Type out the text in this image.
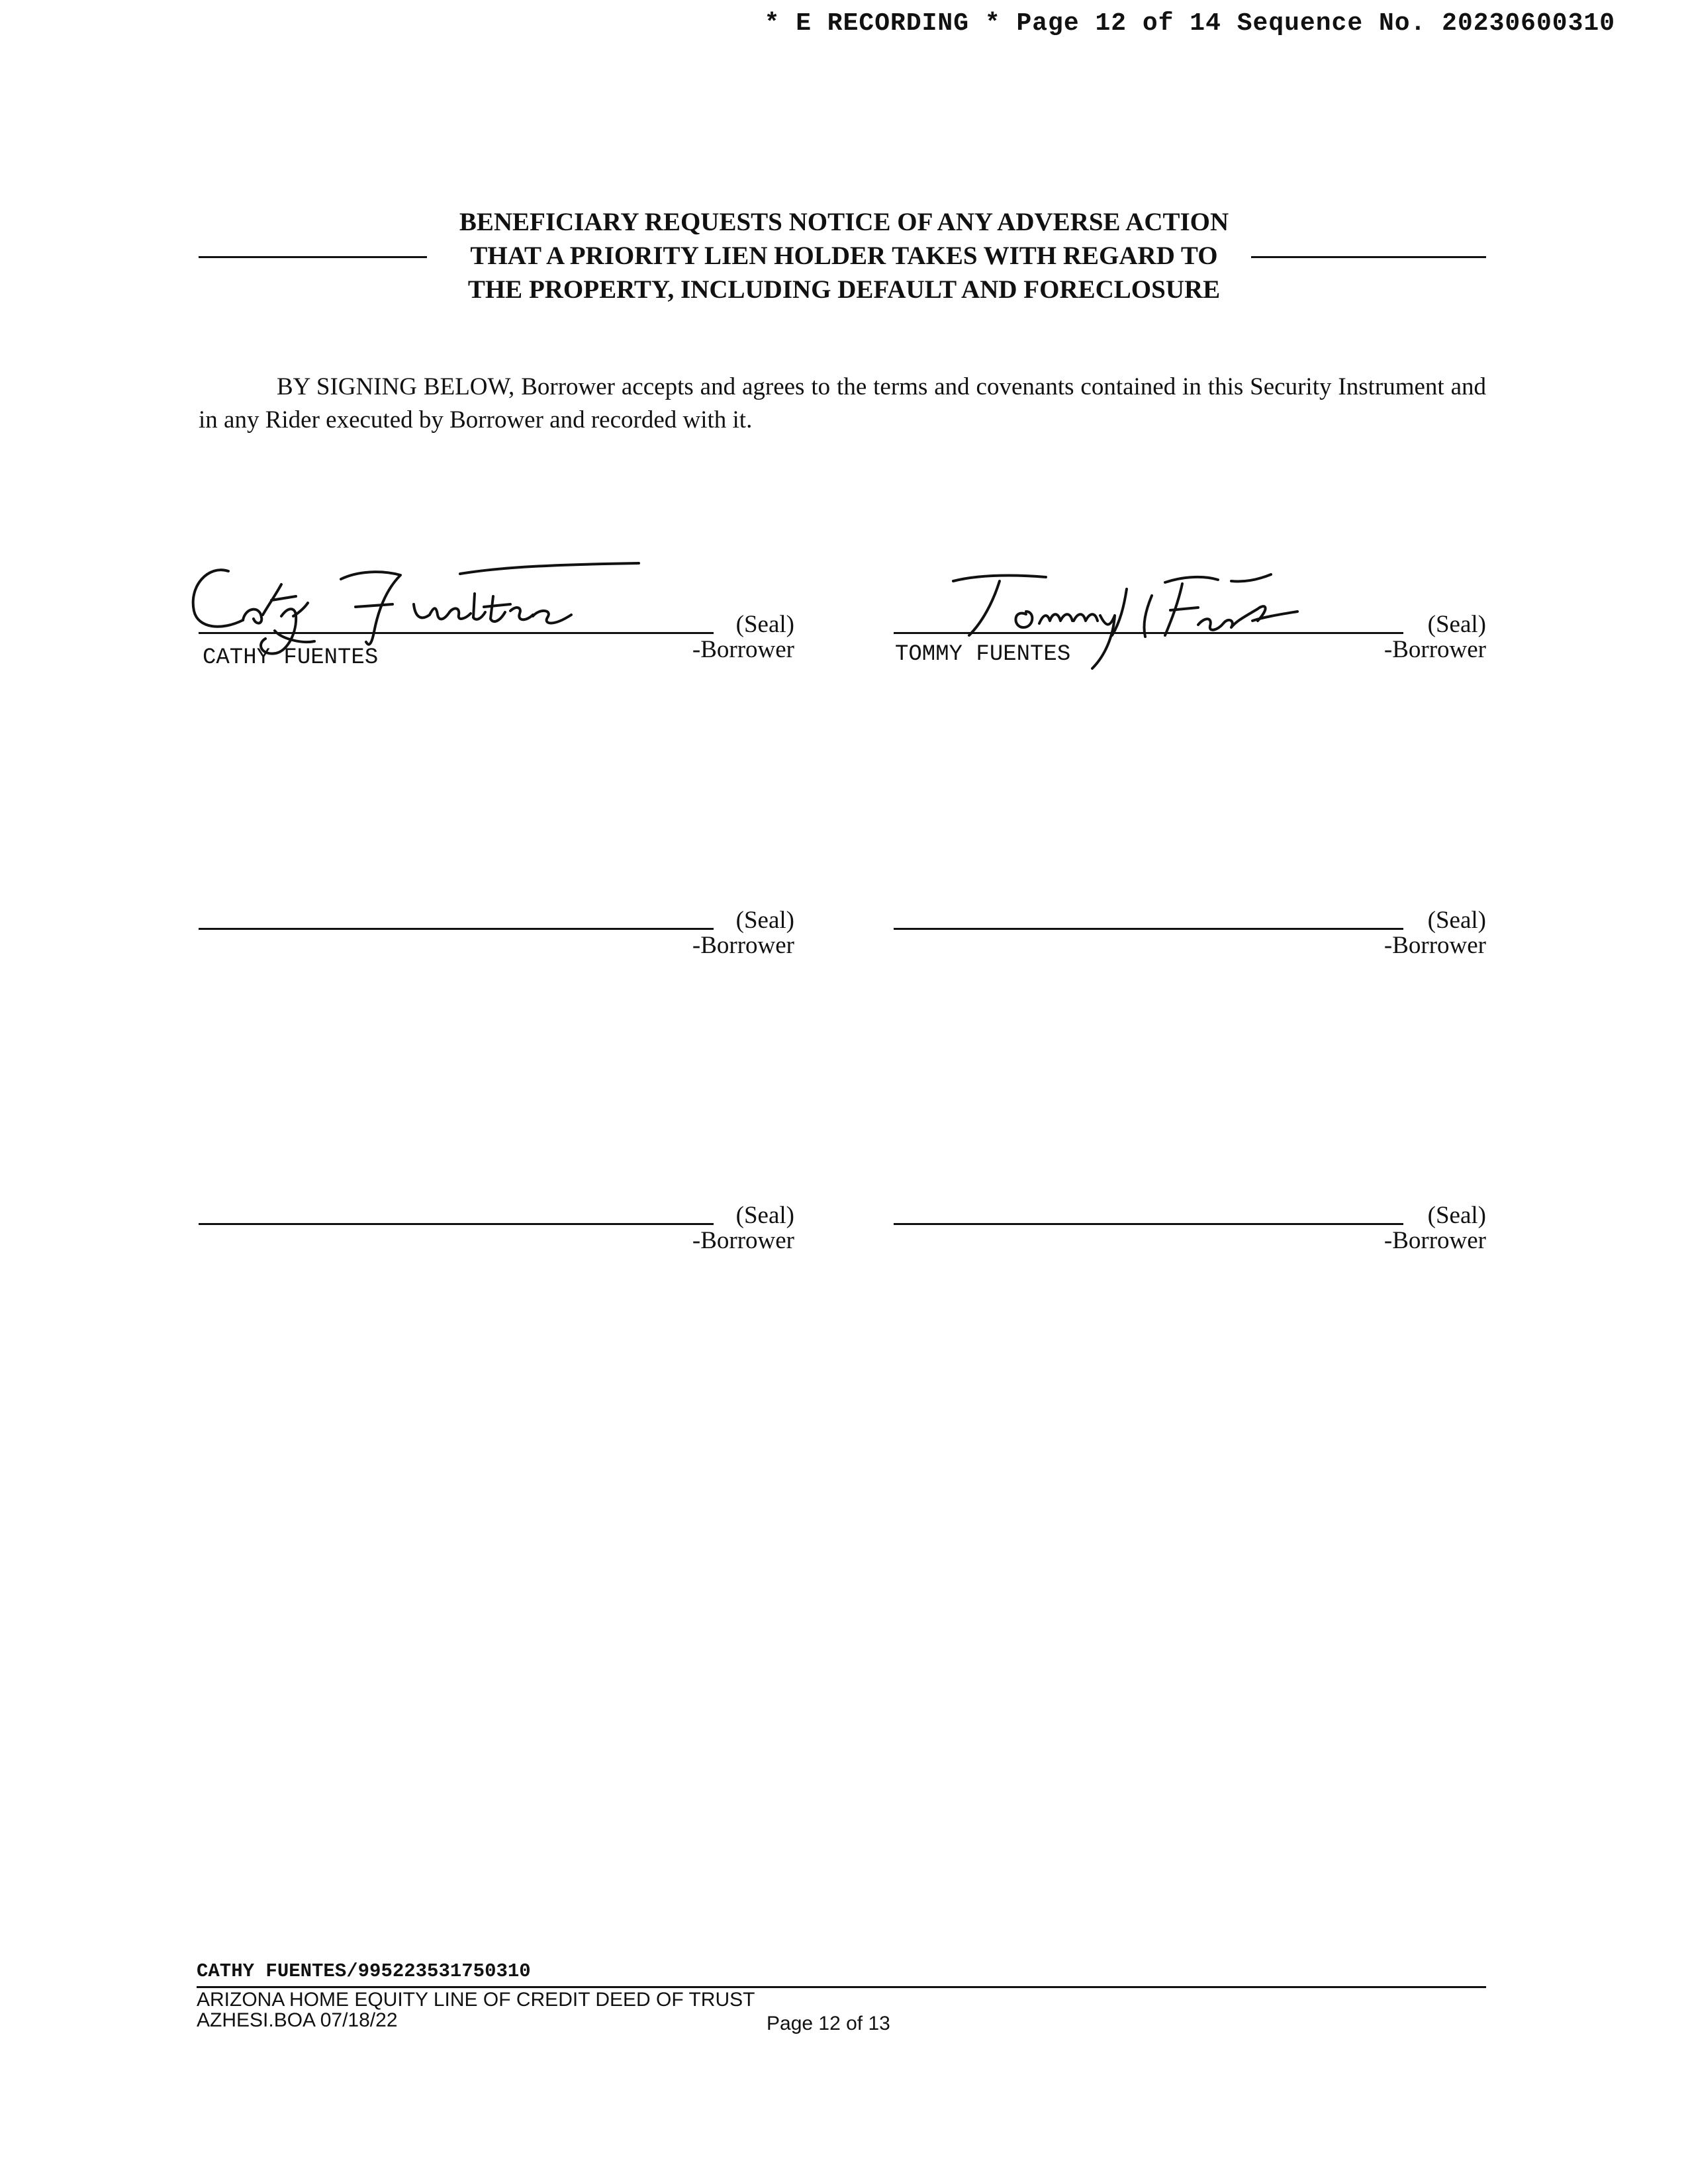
* E RECORDING * Page 12 of 14 Sequence No. 20230600310
BENEFICIARY REQUESTS NOTICE OF ANY ADVERSE ACTION
THAT A PRIORITY LIEN HOLDER TAKES WITH REGARD TO
THE PROPERTY, INCLUDING DEFAULT AND FORECLOSURE
BY SIGNING BELOW, Borrower accepts and agrees to the terms and covenants contained in this Security Instrument and in any Rider executed by Borrower and recorded with it.
(Seal)
-Borrower
CATHY FUENTES
(Seal)
-Borrower
TOMMY FUENTES
(Seal)
-Borrower
(Seal)
-Borrower
(Seal)
-Borrower
(Seal)
-Borrower
CATHY FUENTES/995223531750310
ARIZONA HOME EQUITY LINE OF CREDIT DEED OF TRUST
AZHESI.BOA 07/18/22	Page 12 of 13
